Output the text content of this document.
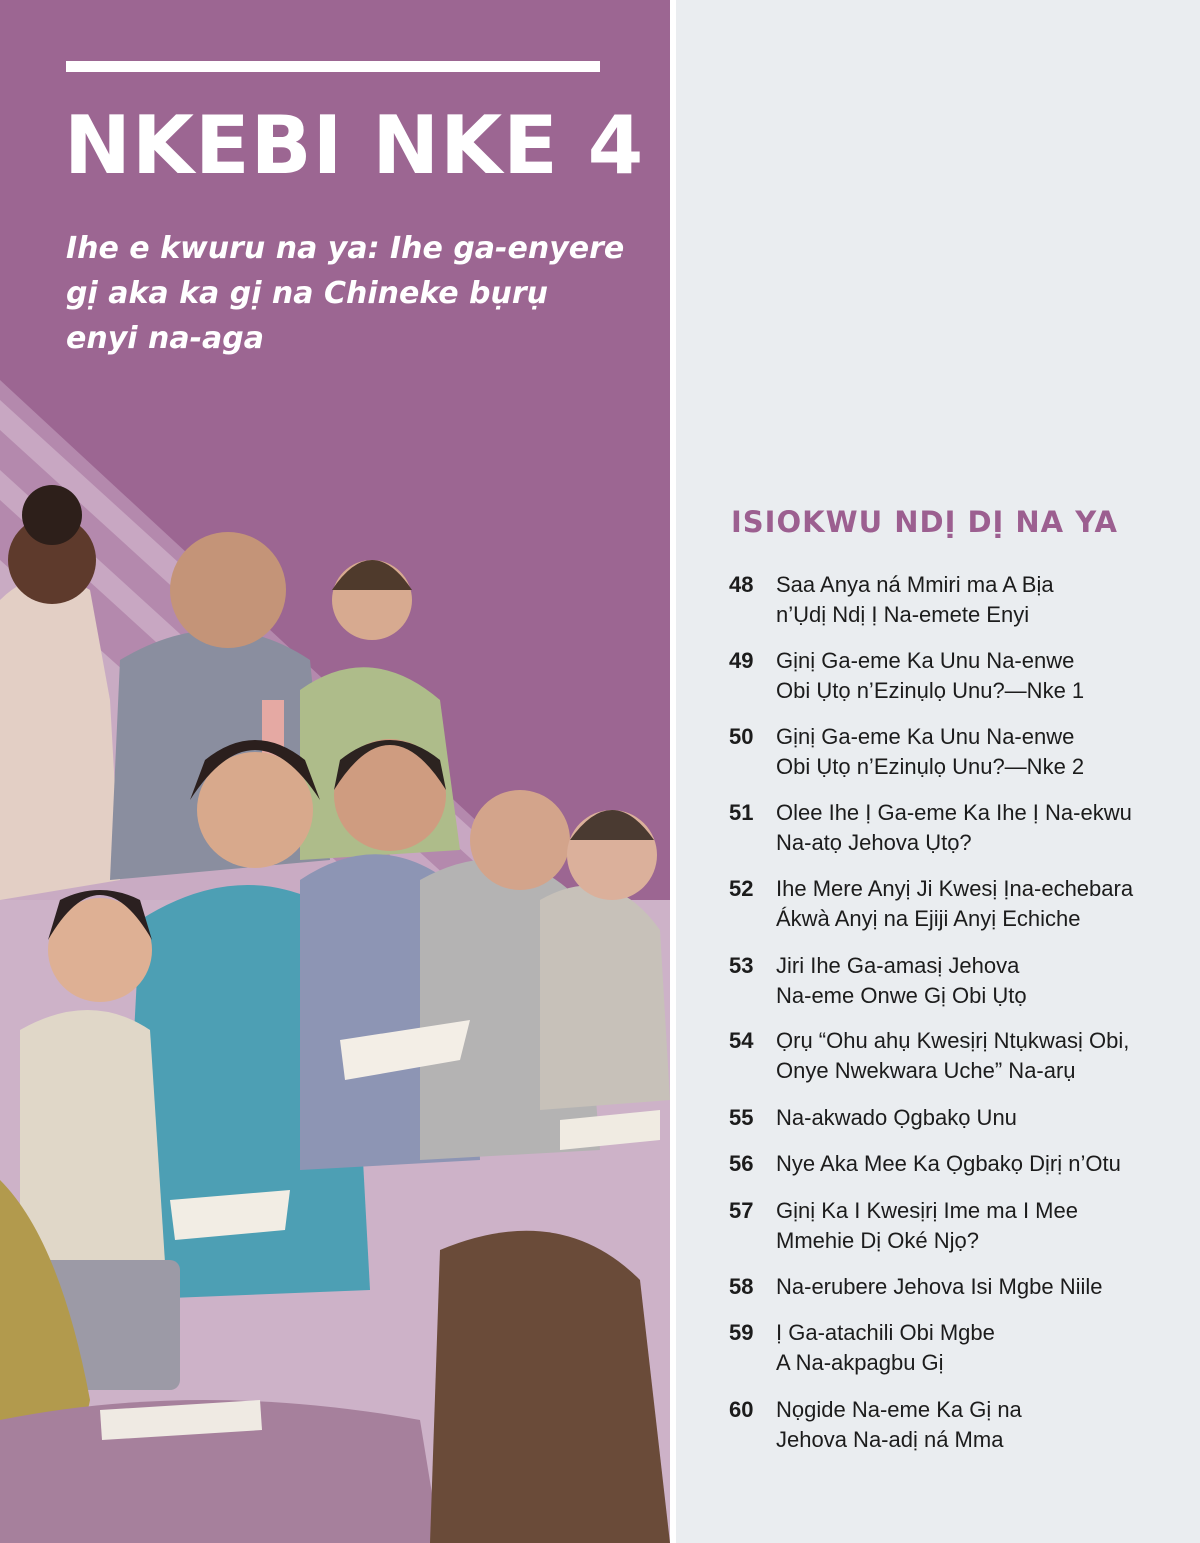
NKEBI NKE 4

Ihe e kwuru na ya: Ihe ga-enyere gị aka ka gị na Chineke bụrụ enyi na-aga

ISIOKWU NDỊ DỊ NA YA
48	Saa Anya ná Mmiri ma A Bịa
n’Ụdị Ndị Ị Na-emete Enyi
49	Gịnị Ga-eme Ka Unu Na-enwe
Obi Ụtọ n’Ezinụlọ Unu?—Nke 1
50	Gịnị Ga-eme Ka Unu Na-enwe
Obi Ụtọ n’Ezinụlọ Unu?—Nke 2
51	Olee Ihe Ị Ga-eme Ka Ihe Ị Na-ekwu
Na-atọ Jehova Ụtọ?
52	Ihe Mere Anyị Ji Kwesị Ịna-echebara
Ákwà Anyị na Ejiji Anyị Echiche
53	Jiri Ihe Ga-amasị Jehova
Na-eme Onwe Gị Obi Ụtọ
54	Ọrụ “Ohu ahụ Kwesịrị Ntụkwasị Obi,
Onye Nwekwara Uche” Na-arụ
55	Na-akwado Ọgbakọ Unu
56	Nye Aka Mee Ka Ọgbakọ Dịrị n’Otu
57	Gịnị Ka I Kwesịrị Ime ma I Mee
Mmehie Dị Oké Njọ?
58	Na-erubere Jehova Isi Mgbe Niile
59	Ị Ga-atachili Obi Mgbe
A Na-akpagbu Gị
60	Nọgide Na-eme Ka Gị na
Jehova Na-adị ná Mma
